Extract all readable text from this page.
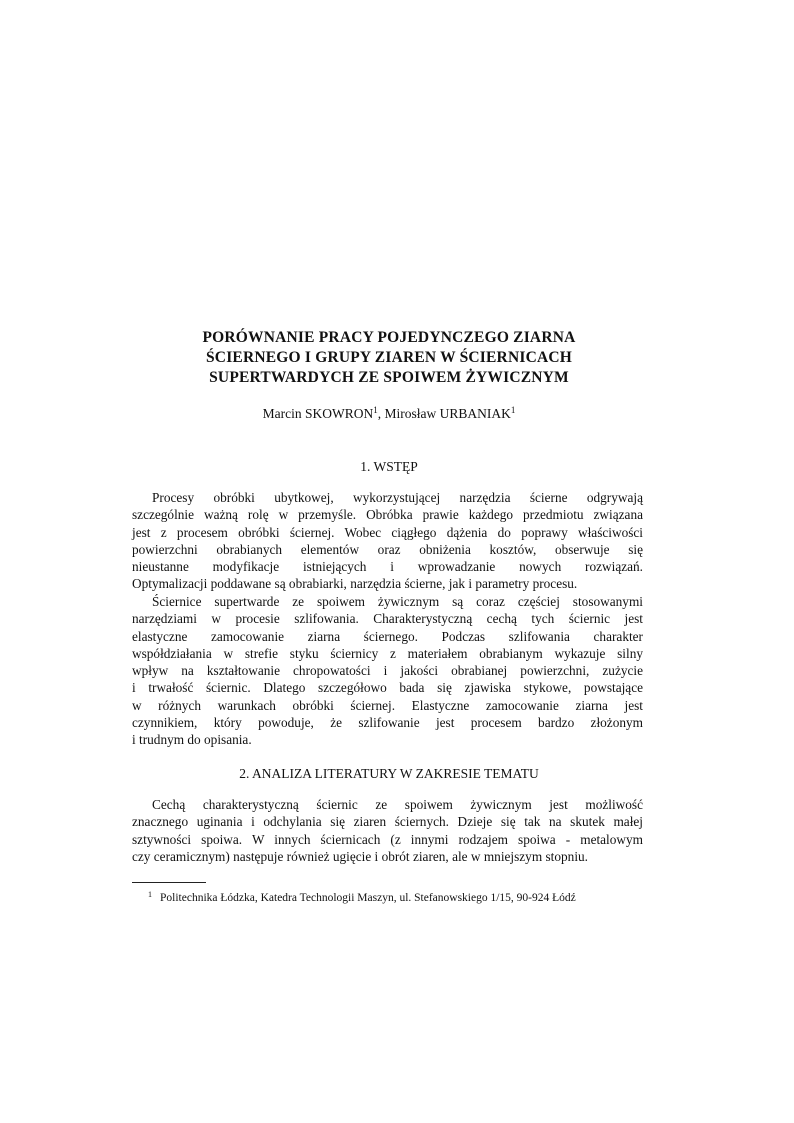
PORÓWNANIE PRACY POJEDYNCZEGO ZIARNA
ŚCIERNEGO I GRUPY ZIAREN W ŚCIERNICACH
SUPERTWARDYCH ZE SPOIWEM ŻYWICZNYM
Marcin SKOWRON$^1$, Mirosław URBANIAK$^1$
1. WSTĘP
Procesy obróbki ubytkowej, wykorzystującej narzędzia ścierne odgrywają
szczególnie ważną rolę w przemyśle. Obróbka prawie każdego przedmiotu związana
jest z procesem obróbki ściernej. Wobec ciągłego dążenia do poprawy właściwości
powierzchni obrabianych elementów oraz obniżenia kosztów, obserwuje się
nieustanne modyfikacje istniejących i wprowadzanie nowych rozwiązań.
Optymalizacji poddawane są obrabiarki, narzędzia ścierne, jak i parametry procesu.
Ściernice supertwarde ze spoiwem żywicznym są coraz częściej stosowanymi
narzędziami w procesie szlifowania. Charakterystyczną cechą tych ściernic jest
elastyczne zamocowanie ziarna ściernego. Podczas szlifowania charakter
współdziałania w strefie styku ściernicy z materiałem obrabianym wykazuje silny
wpływ na kształtowanie chropowatości i jakości obrabianej powierzchni, zużycie
i trwałość ściernic. Dlatego szczegółowo bada się zjawiska stykowe, powstające
w różnych warunkach obróbki ściernej. Elastyczne zamocowanie ziarna jest
czynnikiem, który powoduje, że szlifowanie jest procesem bardzo złożonym
i trudnym do opisania.
2. ANALIZA LITERATURY W ZAKRESIE TEMATU
Cechą charakterystyczną ściernic ze spoiwem żywicznym jest możliwość
znacznego uginania i odchylania się ziaren ściernych. Dzieje się tak na skutek małej
sztywności spoiwa. W innych ściernicach (z innymi rodzajem spoiwa - metalowym
czy ceramicznym) następuje również ugięcie i obrót ziaren, ale w mniejszym stopniu.
$^1$ Politechnika Łódzka, Katedra Technologii Maszyn, ul. Stefanowskiego 1/15, 90-924 Łódź
